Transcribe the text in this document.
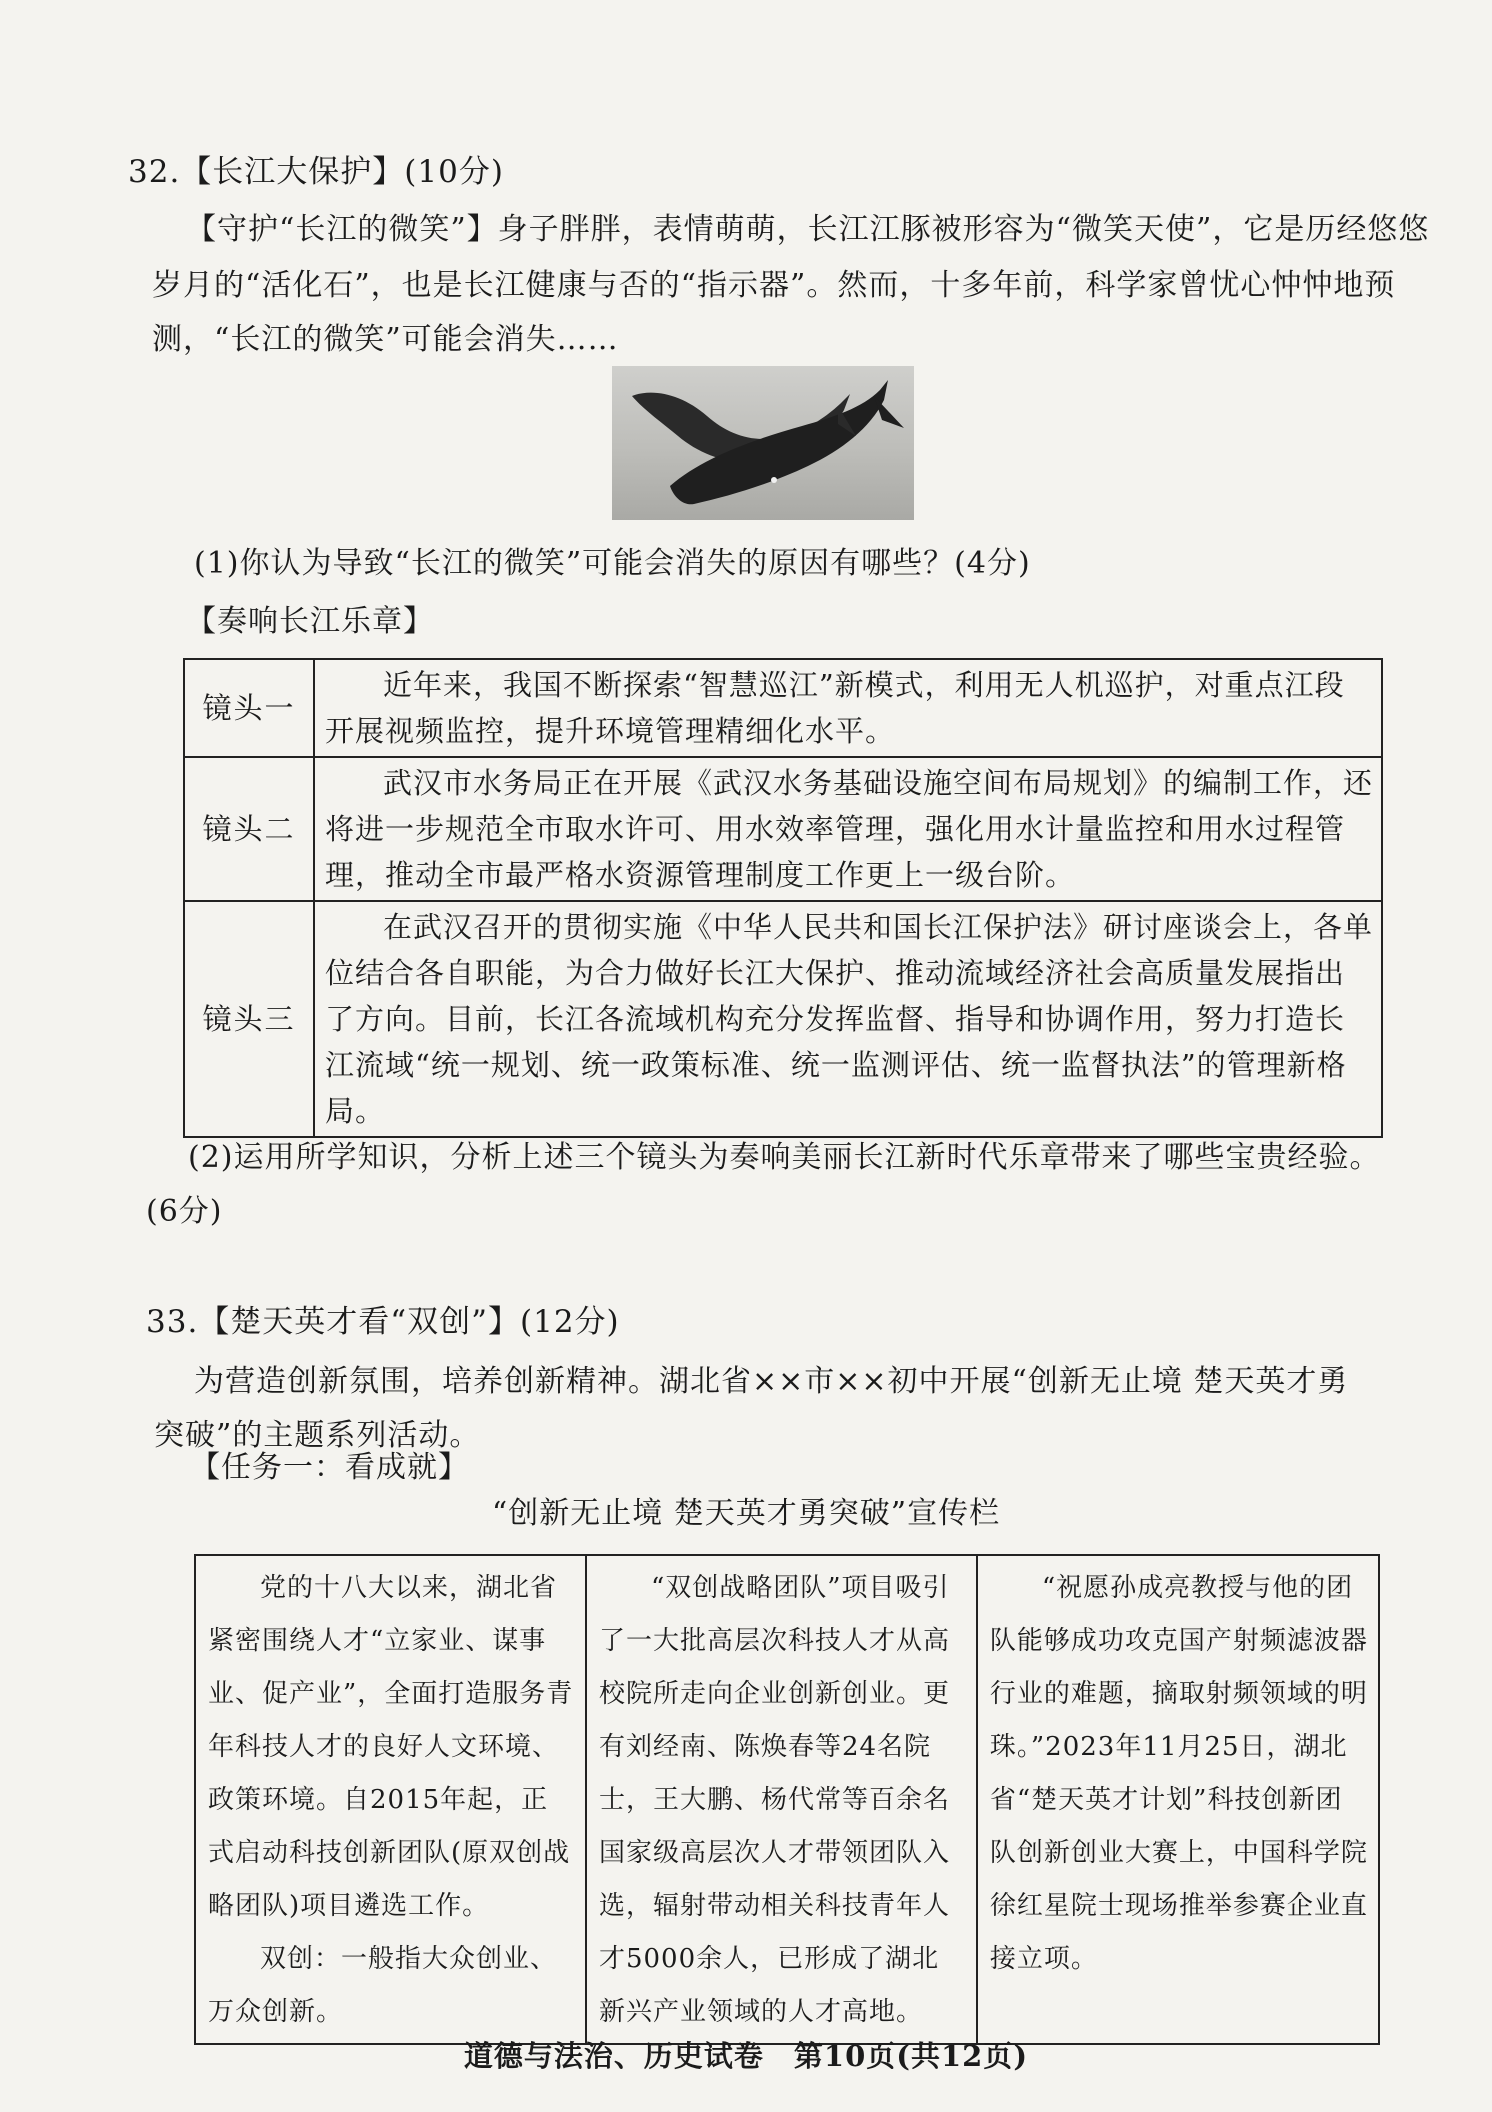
32.【长江大保护】(10分)
【守护“长江的微笑”】身子胖胖，表情萌萌，长江江豚被形容为“微笑天使”，它是历经悠悠
岁月的“活化石”，也是长江健康与否的“指示器”。然而，十多年前，科学家曾忧心忡忡地预
测，“长江的微笑”可能会消失……
(1)你认为导致“长江的微笑”可能会消失的原因有哪些？(4分)
【奏响长江乐章】
镜头一	近年来，我国不断探索“智慧巡江”新模式，利用无人机巡护，对重点江段开展视频监控，提升环境管理精细化水平。
镜头二	武汉市水务局正在开展《武汉水务基础设施空间布局规划》的编制工作，还将进一步规范全市取水许可、用水效率管理，强化用水计量监控和用水过程管理，推动全市最严格水资源管理制度工作更上一级台阶。
镜头三	在武汉召开的贯彻实施《中华人民共和国长江保护法》研讨座谈会上，各单位结合各自职能，为合力做好长江大保护、推动流域经济社会高质量发展指出了方向。目前，长江各流域机构充分发挥监督、指导和协调作用，努力打造长江流域“统一规划、统一政策标准、统一监测评估、统一监督执法”的管理新格局。
(2)运用所学知识，分析上述三个镜头为奏响美丽长江新时代乐章带来了哪些宝贵经验。
(6分)
33.【楚天英才看“双创”】(12分)
为营造创新氛围，培养创新精神。湖北省××市××初中开展“创新无止境 楚天英才勇
突破”的主题系列活动。
【任务一：看成就】
“创新无止境 楚天英才勇突破”宣传栏

党的十八大以来，湖北省紧密围绕人才“立家业、谋事业、促产业”，全面打造服务青年科技人才的良好人文环境、政策环境。自2015年起，正式启动科技创新团队(原双创战略团队)项目遴选工作。

双创：一般指大众创业、万众创新。

“双创战略团队”项目吸引了一大批高层次科技人才从高校院所走向企业创新创业。更有刘经南、陈焕春等24名院士，王大鹏、杨代常等百余名国家级高层次人才带领团队入选，辐射带动相关科技青年人才5000余人，已形成了湖北新兴产业领域的人才高地。

“祝愿孙成亮教授与他的团队能够成功攻克国产射频滤波器行业的难题，摘取射频领域的明珠。”2023年11月25日，湖北省“楚天英才计划”科技创新团队创新创业大赛上，中国科学院徐红星院士现场推举参赛企业直接立项。

道德与法治、历史试卷　第10页(共12页)
